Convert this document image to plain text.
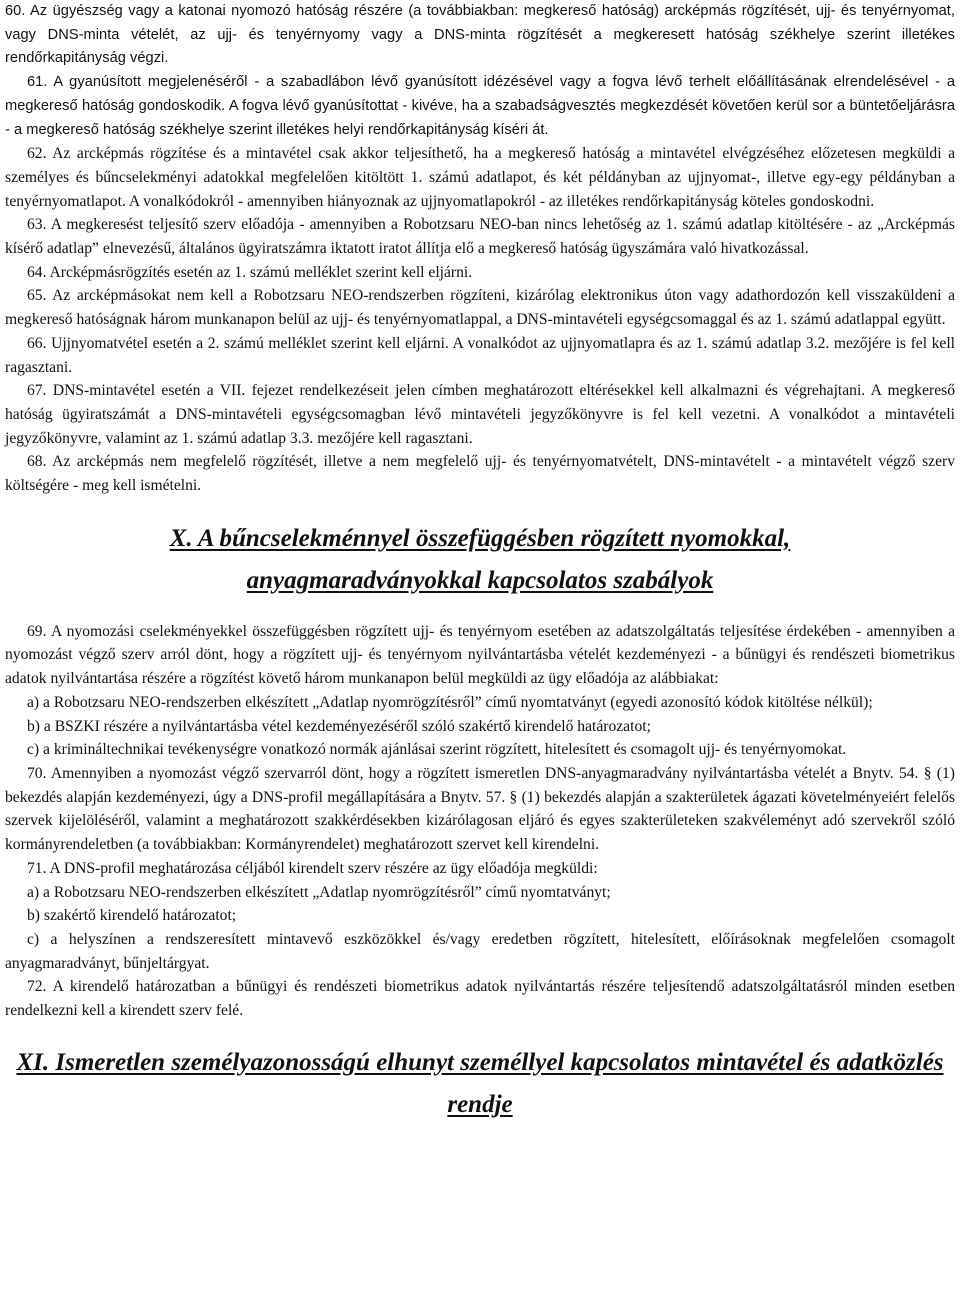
60. Az ügyészség vagy a katonai nyomozó hatóság részére (a továbbiakban: megkereső hatóság) arcképmás rögzítését, ujj- és tenyérnyomat, vagy DNS-minta vételét, az ujj- és tenyérnyomy vagy a DNS-minta rögzítését a megkeresett hatóság székhelye szerint illetékes rendőrkapitányság végzi.

61. A gyanúsított megjelenéséről - a szabadlábon lévő gyanúsított idézésével vagy a fogva lévő terhelt előállításának elrendelésével - a megkereső hatóság gondoskodik. A fogva lévő gyanúsítottat - kivéve, ha a szabadságvesztés megkezdését követően kerül sor a büntetőeljárásra - a megkereső hatóság székhelye szerint illetékes helyi rendőrkapitányság kíséri át.

62. Az arcképmás rögzítése és a mintavétel csak akkor teljesíthető, ha a megkereső hatóság a mintavétel elvégzéséhez előzetesen megküldi a személyes és bűncselekményi adatokkal megfelelően kitöltött 1. számú adatlapot, és két példányban az ujjnyomat-, illetve egy-egy példányban a tenyérnyomatlapot. A vonalkódokról - amennyiben hiányoznak az ujjnyomatlapokról - az illetékes rendőrkapitányság köteles gondoskodni.

63. A megkeresést teljesítő szerv előadója - amennyiben a Robotzsaru NEO-ban nincs lehetőség az 1. számú adatlap kitöltésére - az „Arcképmás kísérő adatlap” elnevezésű, általános ügyiratszámra iktatott iratot állítja elő a megkereső hatóság ügyszámára való hivatkozással.

64. Arcképmásrögzítés esetén az 1. számú melléklet szerint kell eljárni.

65. Az arcképmásokat nem kell a Robotzsaru NEO-rendszerben rögzíteni, kizárólag elektronikus úton vagy adathordozón kell visszaküldeni a megkereső hatóságnak három munkanapon belül az ujj- és tenyérnyomatlappal, a DNS-mintavételi egységcsomaggal és az 1. számú adatlappal együtt.

66. Ujjnyomatvétel esetén a 2. számú melléklet szerint kell eljárni. A vonalkódot az ujjnyomatlapra és az 1. számú adatlap 3.2. mezőjére is fel kell ragasztani.

67. DNS-mintavétel esetén a VII. fejezet rendelkezéseit jelen címben meghatározott eltérésekkel kell alkalmazni és végrehajtani. A megkereső hatóság ügyiratszámát a DNS-mintavételi egységcsomagban lévő mintavételi jegyzőkönyvre is fel kell vezetni. A vonalkódot a mintavételi jegyzőkönyvre, valamint az 1. számú adatlap 3.3. mezőjére kell ragasztani.

68. Az arcképmás nem megfelelő rögzítését, illetve a nem megfelelő ujj- és tenyérnyomatvételt, DNS-mintavételt - a mintavételt végző szerv költségére - meg kell ismételni.

X. A bűncselekménnyel összefüggésben rögzített nyomokkal, anyagmaradványokkal kapcsolatos szabályok

69. A nyomozási cselekményekkel összefüggésben rögzített ujj- és tenyérnyom esetében az adatszolgáltatás teljesítése érdekében - amennyiben a nyomozást végző szerv arról dönt, hogy a rögzített ujj- és tenyérnyom nyilvántartásba vételét kezdeményezi - a bűnügyi és rendészeti biometrikus adatok nyilvántartása részére a rögzítést követő három munkanapon belül megküldi az ügy előadója az alábbiakat:

a) a Robotzsaru NEO-rendszerben elkészített „Adatlap nyomrögzítésről” című nyomtatványt (egyedi azonosító kódok kitöltése nélkül);

b) a BSZKI részére a nyilvántartásba vétel kezdeményezéséről szóló szakértő kirendelő határozatot;

c) a krimináltechnikai tevékenységre vonatkozó normák ajánlásai szerint rögzített, hitelesített és csomagolt ujj- és tenyérnyomokat.

70. Amennyiben a nyomozást végző szervarról dönt, hogy a rögzített ismeretlen DNS-anyagmaradvány nyilvántartásba vételét a Bnytv. 54. § (1) bekezdés alapján kezdeményezi, úgy a DNS-profil megállapítására a Bnytv. 57. § (1) bekezdés alapján a szakterületek ágazati követelményeiért felelős szervek kijelöléséről, valamint a meghatározott szakkérdésekben kizárólagosan eljáró és egyes szakterületeken szakvéleményt adó szervekről szóló kormányrendeletben (a továbbiakban: Kormányrendelet) meghatározott szervet kell kirendelni.

71. A DNS-profil meghatározása céljából kirendelt szerv részére az ügy előadója megküldi:

a) a Robotzsaru NEO-rendszerben elkészített „Adatlap nyomrögzítésről” című nyomtatványt;

b) szakértő kirendelő határozatot;

c) a helyszínen a rendszeresített mintavevő eszközökkel és/vagy eredetben rögzített, hitelesített, előírásoknak megfelelően csomagolt anyagmaradványt, bűnjeltárgyat.

72. A kirendelő határozatban a bűnügyi és rendészeti biometrikus adatok nyilvántartás részére teljesítendő adatszolgáltatásról minden esetben rendelkezni kell a kirendett szerv felé.

XI. Ismeretlen személyazonosságú elhunyt személlyel kapcsolatos mintavétel és adatközlés rendje
